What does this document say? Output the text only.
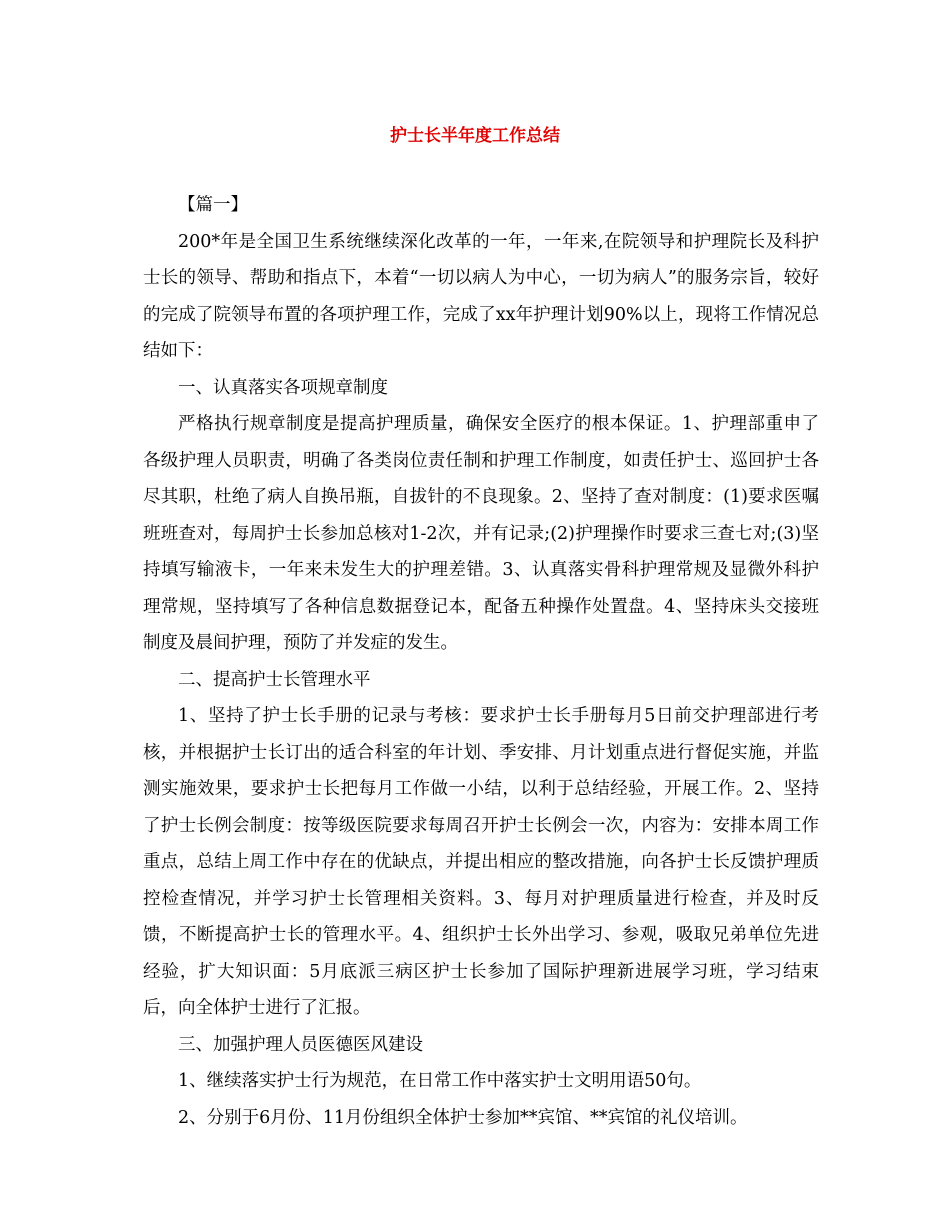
护士长半年度工作总结

【篇一】

200*年是全国卫生系统继续深化改革的一年，一年来,在院领导和护理院长及科护士长的领导、帮助和指点下，本着“一切以病人为中心，一切为病人”的服务宗旨，较好的完成了院领导布置的各项护理工作，完成了xx年护理计划90%以上，现将工作情况总结如下：

一、认真落实各项规章制度

严格执行规章制度是提高护理质量，确保安全医疗的根本保证。1、护理部重申了各级护理人员职责，明确了各类岗位责任制和护理工作制度，如责任护士、巡回护士各尽其职，杜绝了病人自换吊瓶，自拔针的不良现象。2、坚持了查对制度：(1)要求医嘱班班查对，每周护士长参加总核对1-2次，并有记录;(2)护理操作时要求三查七对;(3)坚持填写输液卡，一年来未发生大的护理差错。3、认真落实骨科护理常规及显微外科护理常规，坚持填写了各种信息数据登记本，配备五种操作处置盘。4、坚持床头交接班制度及晨间护理，预防了并发症的发生。

二、提高护士长管理水平

1、坚持了护士长手册的记录与考核：要求护士长手册每月5日前交护理部进行考核，并根据护士长订出的适合科室的年计划、季安排、月计划重点进行督促实施，并监测实施效果，要求护士长把每月工作做一小结，以利于总结经验，开展工作。2、坚持了护士长例会制度：按等级医院要求每周召开护士长例会一次，内容为：安排本周工作重点，总结上周工作中存在的优缺点，并提出相应的整改措施，向各护士长反馈护理质控检查情况，并学习护士长管理相关资料。3、每月对护理质量进行检查，并及时反馈，不断提高护士长的管理水平。4、组织护士长外出学习、参观，吸取兄弟单位先进经验，扩大知识面：5月底派三病区护士长参加了国际护理新进展学习班，学习结束后，向全体护士进行了汇报。

三、加强护理人员医德医风建设

1、继续落实护士行为规范，在日常工作中落实护士文明用语50句。

2、分别于6月份、11月份组织全体护士参加**宾馆、**宾馆的礼仪培训。
